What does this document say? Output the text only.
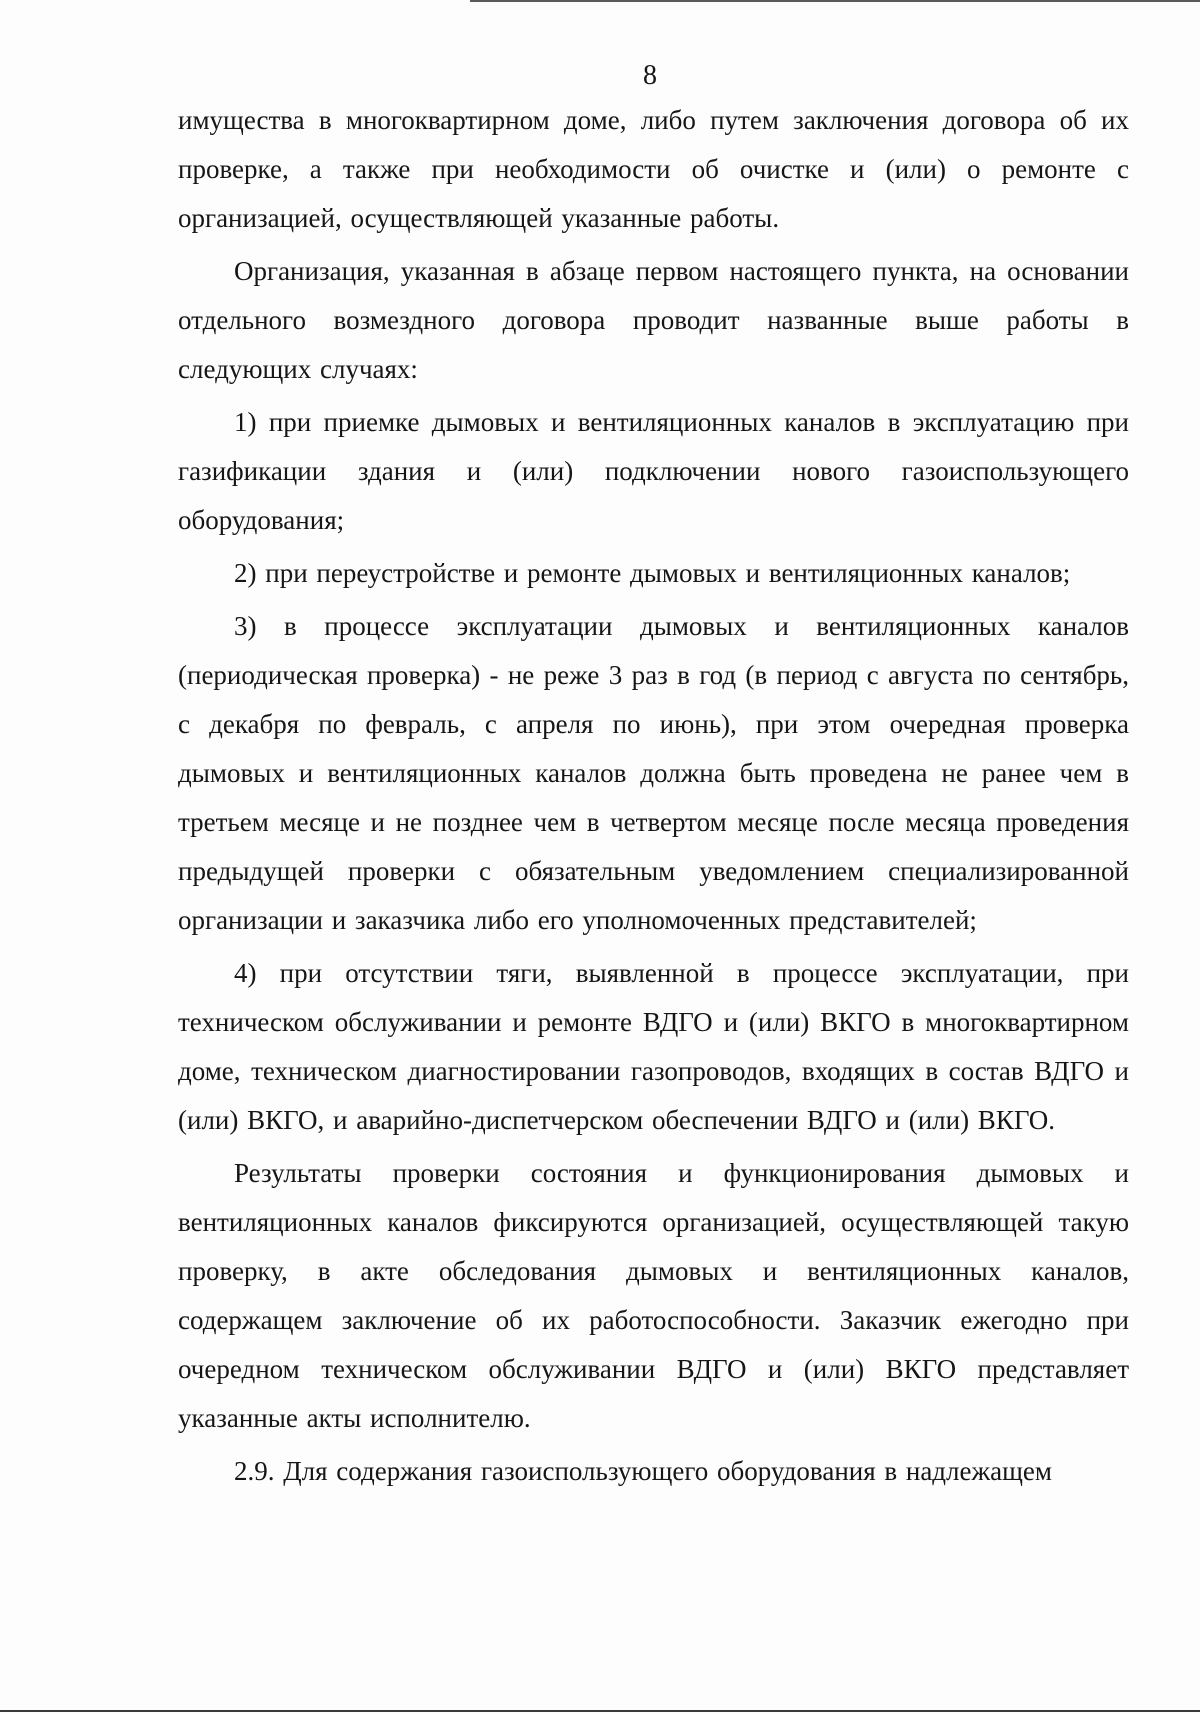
8

имущества в многоквартирном доме, либо путем заключения договора об их проверке, а также при необходимости об очистке и (или) о ремонте с организацией, осуществляющей указанные работы.

Организация, указанная в абзаце первом настоящего пункта, на основании отдельного возмездного договора проводит названные выше работы в следующих случаях:

1) при приемке дымовых и вентиляционных каналов в эксплуатацию при газификации здания и (или) подключении нового газоиспользующего оборудования;

2) при переустройстве и ремонте дымовых и вентиляционных каналов;

3) в процессе эксплуатации дымовых и вентиляционных каналов (периодическая проверка) - не реже 3 раз в год (в период с августа по сентябрь, с декабря по февраль, с апреля по июнь), при этом очередная проверка дымовых и вентиляционных каналов должна быть проведена не ранее чем в третьем месяце и не позднее чем в четвертом месяце после месяца проведения предыдущей проверки с обязательным уведомлением специализированной организации и заказчика либо его уполномоченных представителей;

4) при отсутствии тяги, выявленной в процессе эксплуатации, при техническом обслуживании и ремонте ВДГО и (или) ВКГО в многоквартирном доме, техническом диагностировании газопроводов, входящих в состав ВДГО и (или) ВКГО, и аварийно-диспетчерском обеспечении ВДГО и (или) ВКГО.

Результаты проверки состояния и функционирования дымовых и вентиляционных каналов фиксируются организацией, осуществляющей такую проверку, в акте обследования дымовых и вентиляционных каналов, содержащем заключение об их работоспособности. Заказчик ежегодно при очередном техническом обслуживании ВДГО и (или) ВКГО представляет указанные акты исполнителю.

2.9. Для содержания газоиспользующего оборудования в надлежащем
